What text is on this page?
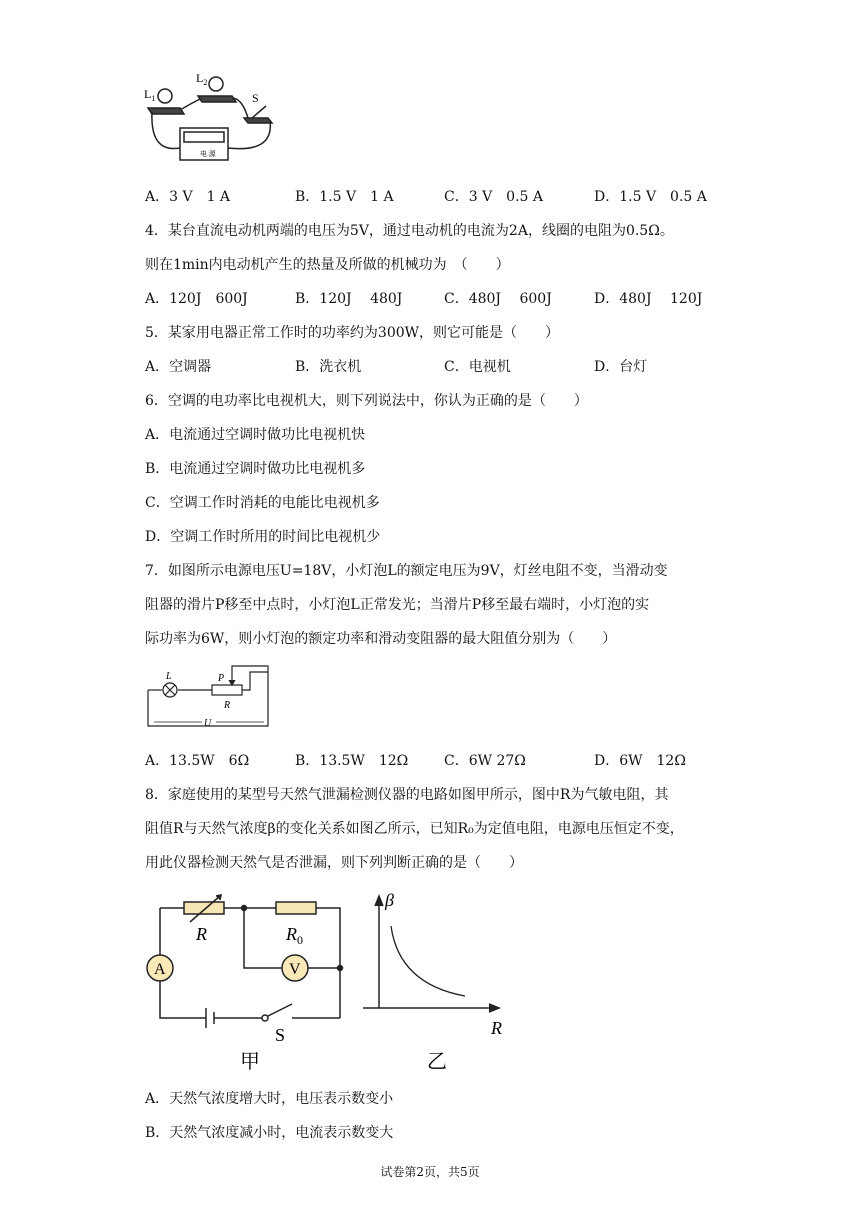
$L_1$
$L_2$
S
电 源
A．3 V　1 A	B．1.5 V　1 A	C．3 V　0.5 A	D．1.5 V　0.5 A
4．某台直流电动机两端的电压为5V，通过电动机的电流为2A，线圈的电阻为0.5Ω。
则在1min内电动机产生的热量及所做的机械功为　（　　）
A．120J　600J	B．120J　 480J	C．480J　 600J	D．480J　 120J
5．某家用电器正常工作时的功率约为300W，则它可能是（　　）
A．空调器	B．洗衣机	C．电视机	D．台灯
6．空调的电功率比电视机大，则下列说法中，你认为正确的是（　　）
A．电流通过空调时做功比电视机快
B．电流通过空调时做功比电视机多
C．空调工作时消耗的电能比电视机多
D．空调工作时所用的时间比电视机少
7．如图所示电源电压U=18V，小灯泡L的额定电压为9V，灯丝电阻不变，当滑动变
阻器的滑片P移至中点时，小灯泡L正常发光；当滑片P移至最右端时，小灯泡的实
际功率为6W，则小灯泡的额定功率和滑动变阻器的最大阻值分别为（　　）
L	P
R
U
A．13.5W　6Ω	B．13.5W　12Ω	C．6W 27Ω	D．6W　12Ω
8．家庭使用的某型号天然气泄漏检测仪器的电路如图甲所示，图中R为气敏电阻，其
阻值R与天然气浓度β的变化关系如图乙所示，已知R₀为定值电阻，电源电压恒定不变，
用此仪器检测天然气是否泄漏，则下列判断正确的是（　　）
A	V
R	$R_0$
S
甲
β
R
乙
A．天然气浓度增大时，电压表示数变小
B．天然气浓度减小时，电流表示数变大
试卷第2页，共5页
